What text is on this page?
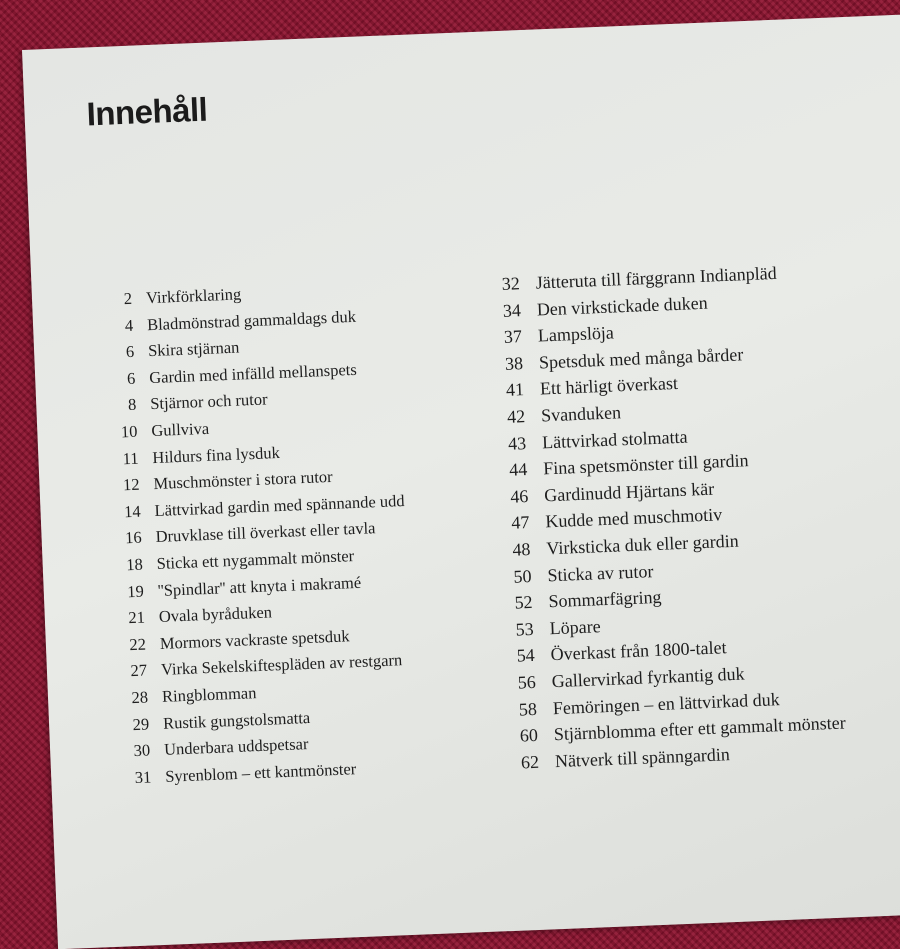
Innehåll
2 Virkförklaring
4 Bladmönstrad gammaldags duk
6 Skira stjärnan
6 Gardin med infälld mellanspets
8 Stjärnor och rutor
10 Gullviva
11 Hildurs fina lysduk
12 Muschmönster i stora rutor
14 Lättvirkad gardin med spännande udd
16 Druvklase till överkast eller tavla
18 Sticka ett nygammalt mönster
19 ''Spindlar'' att knyta i makramé
21 Ovala byråduken
22 Mormors vackraste spetsduk
27 Virka Sekelskiftespläden av restgarn
28 Ringblomman
29 Rustik gungstolsmatta
30 Underbara uddspetsar
31 Syrenblom – ett kantmönster
32 Jätteruta till färggrann Indianpläd
34 Den virkstickade duken
37 Lampslöja
38 Spetsduk med många bårder
41 Ett härligt överkast
42 Svanduken
43 Lättvirkad stolmatta
44 Fina spetsmönster till gardin
46 Gardinudd Hjärtans kär
47 Kudde med muschmotiv
48 Virksticka duk eller gardin
50 Sticka av rutor
52 Sommarfägring
53 Löpare
54 Överkast från 1800-talet
56 Gallervirkad fyrkantig duk
58 Femöringen – en lättvirkad duk
60 Stjärnblomma efter ett gammalt mönster
62 Nätverk till spänngardin
